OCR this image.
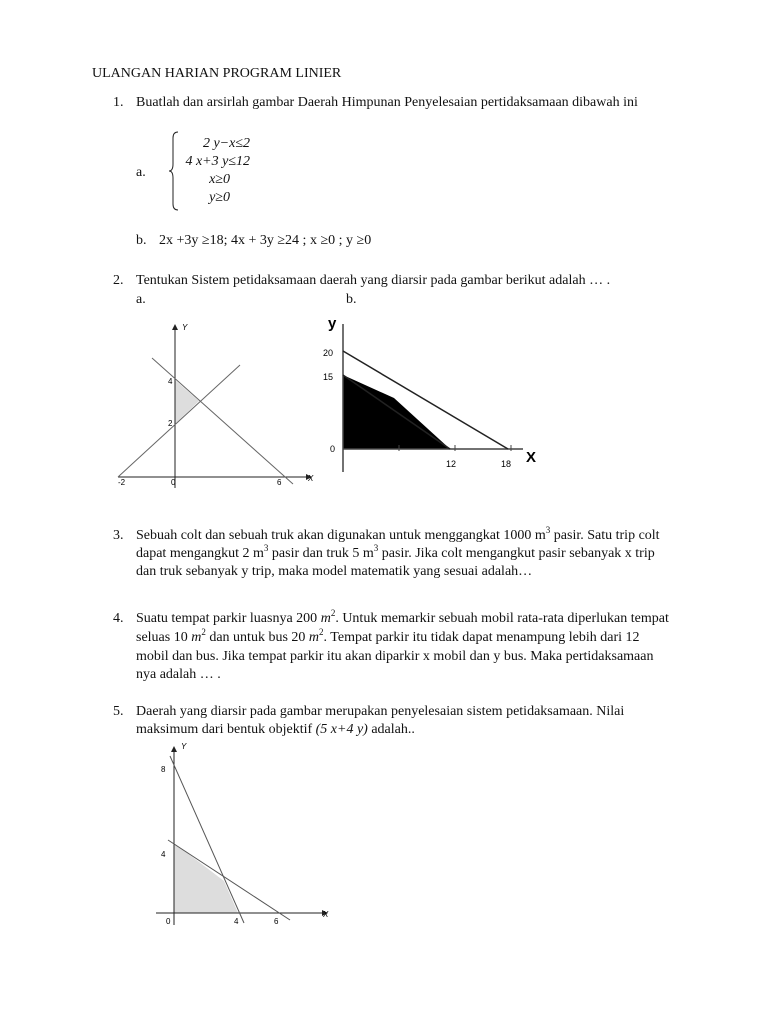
ULANGAN HARIAN PROGRAM LINIER
1. Buatlah dan arsirlah gambar Daerah Himpunan Penyelesaian pertidaksamaan dibawah ini
a.
2 y−x≤2
4 x+3 y≤12
x≥0
y≥0
b. 2x +3y ≥18; 4x + 3y ≥24 ; x ≥0 ; y ≥0
2. Tentukan Sistem petidaksamaan daerah yang diarsir pada gambar berikut adalah … .
a.	b.
Y
X
4
2
-2	0	6
y
X
20
15
0
12	18
3. Sebuah colt dan sebuah truk akan digunakan untuk menggangkat 1000 $m^3$ pasir. Satu trip colt
dapat mengangkut 2 $m^3$ pasir dan truk 5 $m^3$ pasir. Jika colt mengangkut pasir sebanyak x trip
dan truk sebanyak y trip, maka model matematik yang sesuai adalah…
4. Suatu tempat parkir luasnya 200 $m^2$. Untuk memarkir sebuah mobil rata-rata diperlukan tempat
seluas 10 $m^2$ dan untuk bus 20 $m^2$. Tempat parkir itu tidak dapat menampung lebih dari 12
mobil dan bus. Jika tempat parkir itu akan diparkir x mobil dan y bus. Maka pertidaksamaan
nya adalah … .
5. Daerah yang diarsir pada gambar merupakan penyelesaian sistem petidaksamaan. Nilai
maksimum dari bentuk objektif (5 x+4 y) adalah..
Y
X
8
4
0	4	6
